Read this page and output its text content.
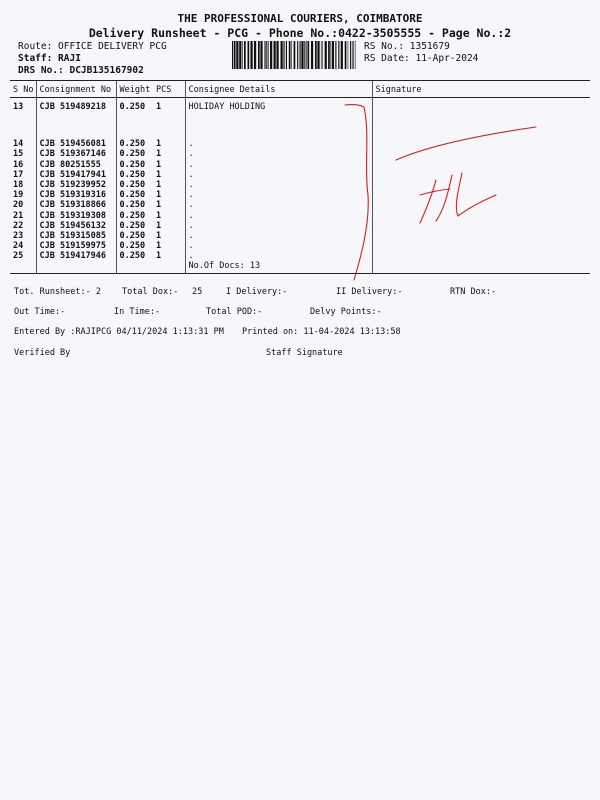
THE PROFESSIONAL COURIERS, COIMBATORE
Delivery Runsheet - PCG - Phone No.:0422-3505555 - Page No.:2
Route: OFFICE DELIVERY PCG
Staff: RAJI
DRS No.: DCJB135167902
RS No.: 1351679
RS Date: 11-Apr-2024
S No	Consignment No	Weight	PCS	Consignee Details	Signature
13	CJB 519489218	0.250	1	HOLIDAY HOLDING	

14	CJB 519456081	0.250	1	.	
15	CJB 519367146	0.250	1	.	
16	CJB 80251555	0.250	1	.	
17	CJB 519417941	0.250	1	.	
18	CJB 519239952	0.250	1	.	
19	CJB 519319316	0.250	1	.	
20	CJB 519318866	0.250	1	.	
21	CJB 519319308	0.250	1	.	
22	CJB 519456132	0.250	1	.	
23	CJB 519315085	0.250	1	.	
24	CJB 519159975	0.250	1	.	
25	CJB 519417946	0.250	1	.	
				No.Of Docs: 13	
Tot. Runsheet:- 2 Total Dox:- 25	I Delivery:-	II Delivery:-	RTN Dox:-
Out Time:-	In Time:-	Total POD:-	Delvy Points:-
Entered By :RAJIPCG 04/11/2024 1:13:31 PM Printed on: 11-04-2024 13:13:58
Verified By	Staff Signature
